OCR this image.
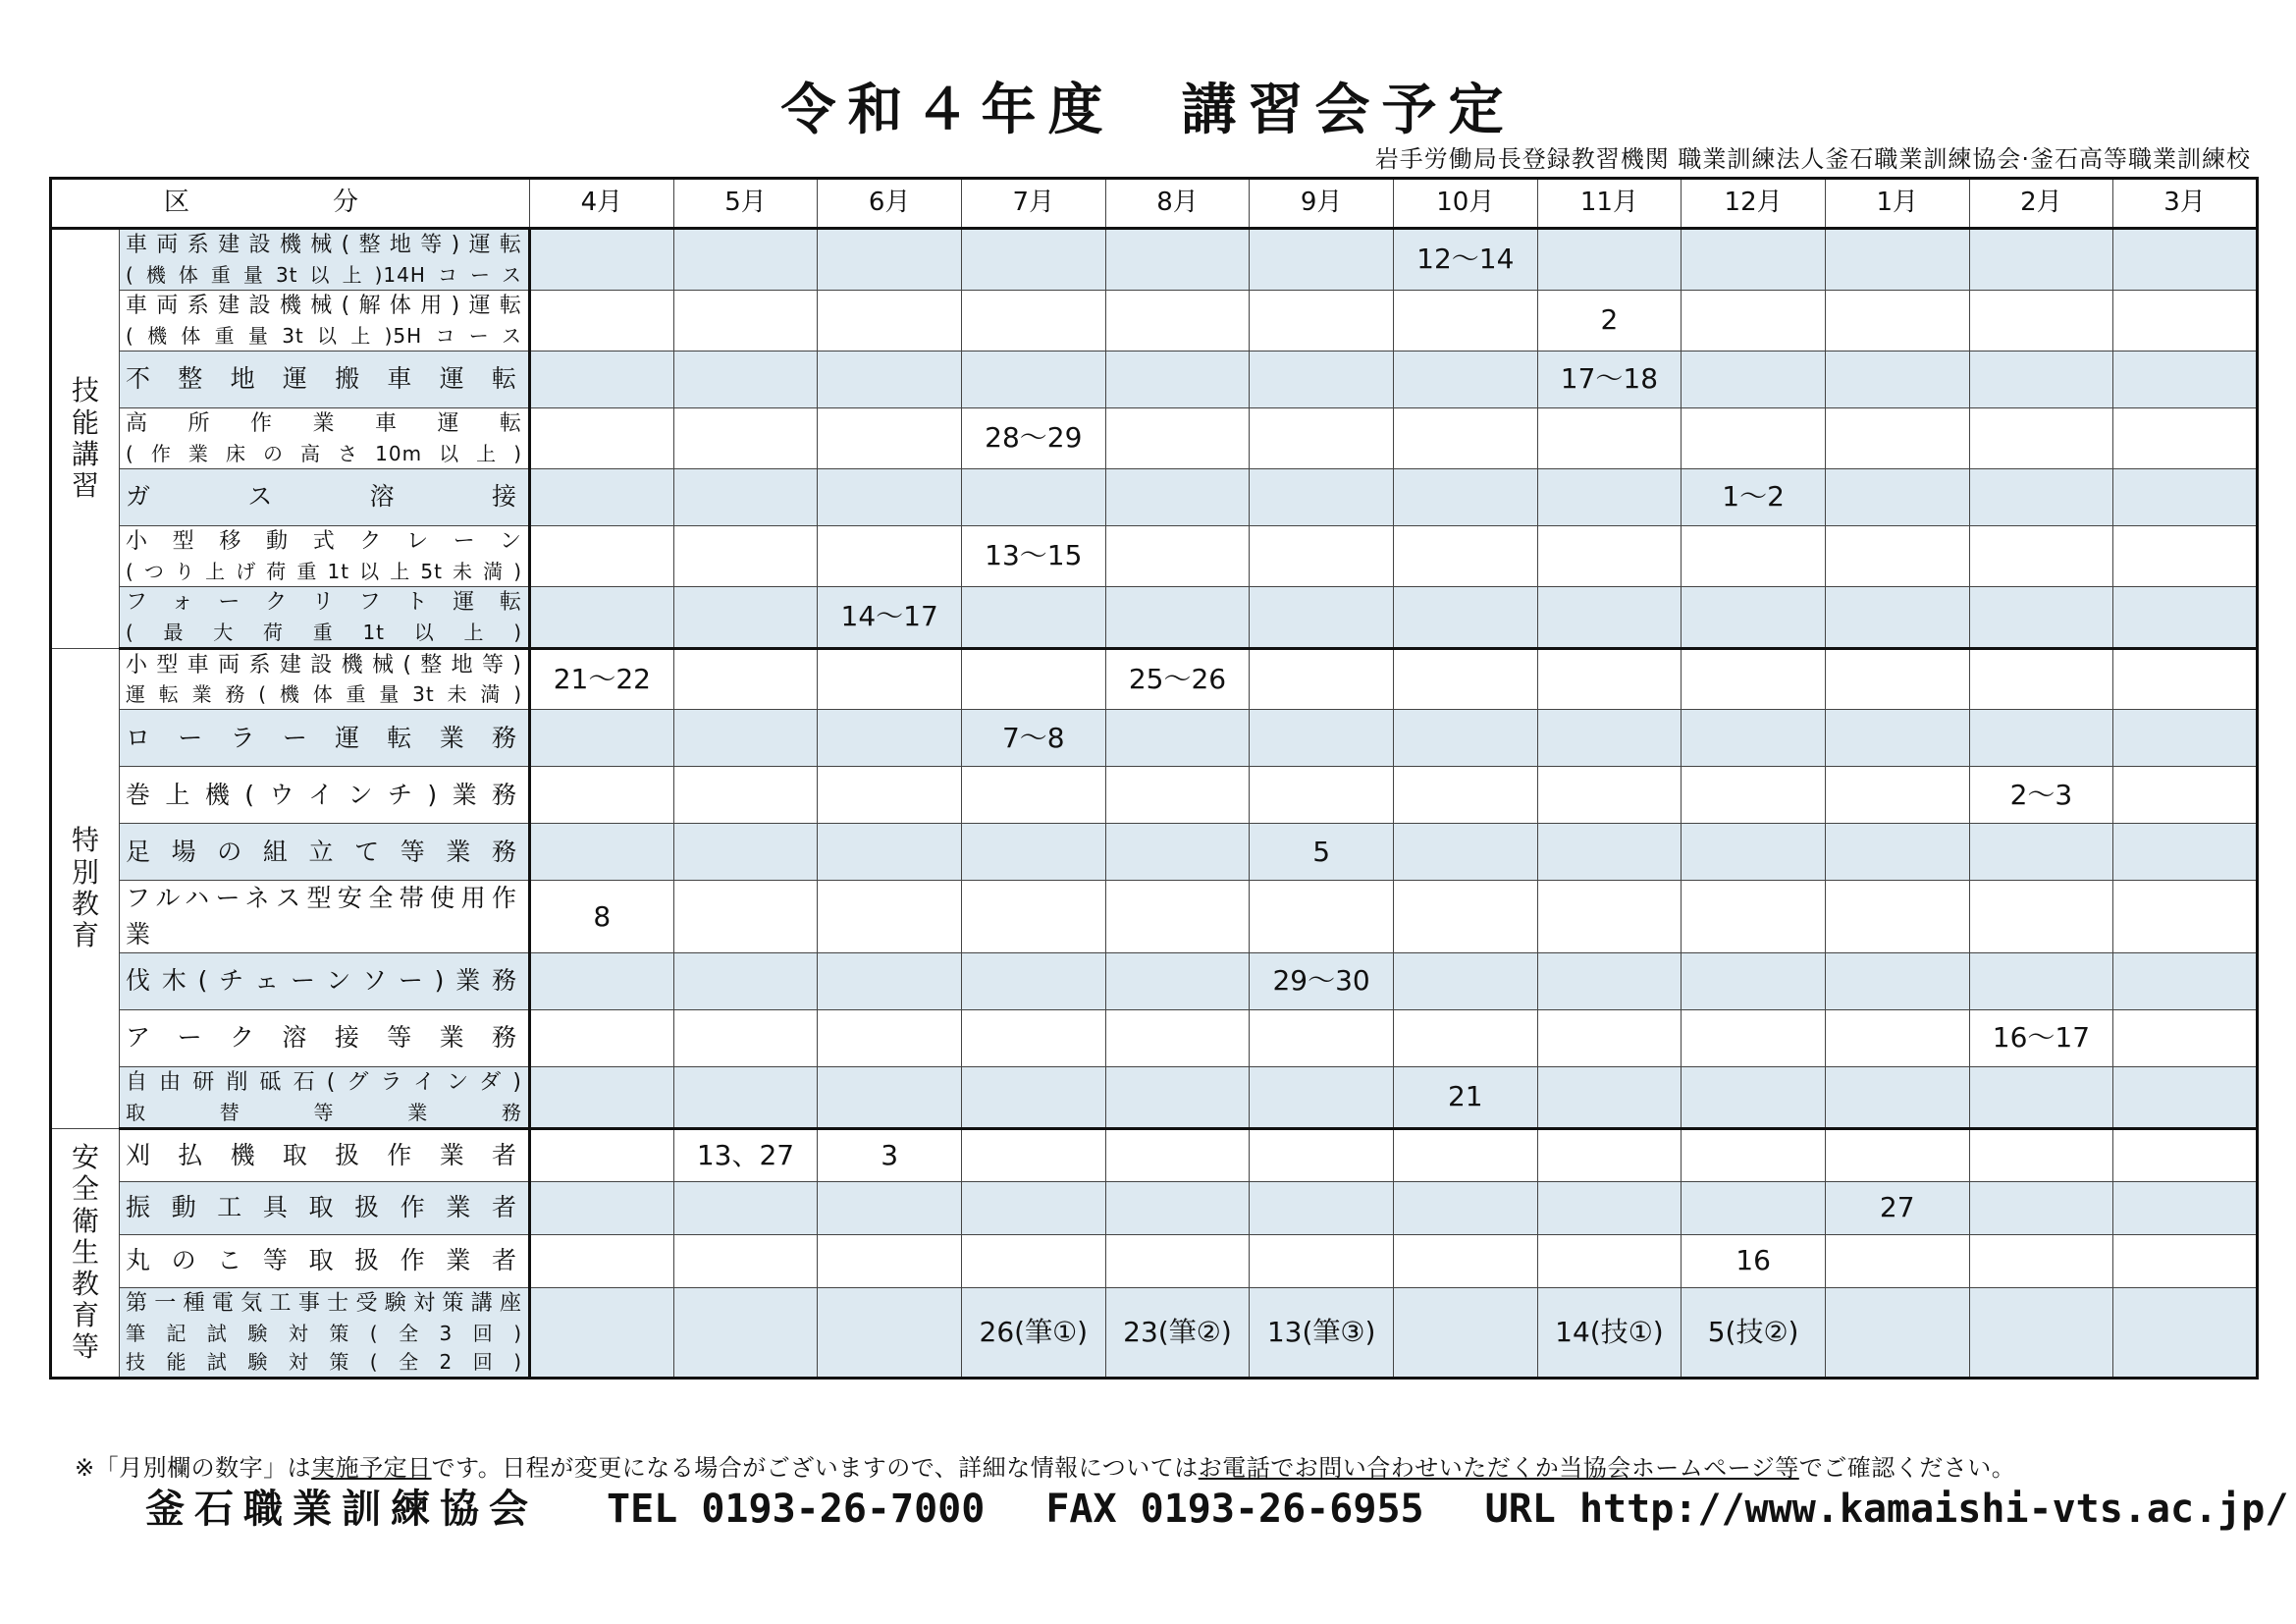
令和４年度　講習会予定
岩手労働局長登録教習機関 職業訓練法人釜石職業訓練協会·釜石高等職業訓練校
区　分		4月	5月	6月	7月	8月	9月	10月	11月	12月	1月	2月	3月
技能講習	車両系建設機械(整地等)運転
(機体重量3t以上)14Hコース							12～14					

	車両系建設機械(解体用)運転
(機体重量3t以上)5Hコース								2				

	不整地運搬車運転								17～18				

	高所作業車運転
(作業床の高さ10m以上)				28～29								

	ガス溶接									1～2			

	小型移動式クレーン
(つり上げ荷重1t以上5t未満)				13～15								

	フォークリフト運転
(最大荷重1t以上)			14～17									
特別教育	小型車両系建設機械(整地等)
運転業務(機体重量3t未満)	21～22				25～26							

	ローラー運転業務				7～8								

	巻上機(ウインチ)業務											2～3	

	足場の組立て等業務						5						

	フルハーネス型安全帯使用作業	8											

	伐木(チェーンソー)業務						29～30						

	アーク溶接等業務											16～17	

	自由研削砥石(グラインダ)
取替等業務							21					
安全衛生教育等	刈払機取扱作業者		13、27	3									

	振動工具取扱作業者										27		

	丸のこ等取扱作業者									16			

	第一種電気工事士受験対策講座
筆記試験対策(全3回)
技能試験対策(全2回)				26(筆①)	23(筆②)	13(筆③)		14(技①)	5(技②)			
※「月別欄の数字」は実施予定日です。日程が変更になる場合がございますので、詳細な情報についてはお電話でお問い合わせいただくか当協会ホームページ等でご確認ください。
釜石職業訓練協会 TEL 0193-26-7000 FAX 0193-26-6955 URL http://www.kamaishi-vts.ac.jp/
